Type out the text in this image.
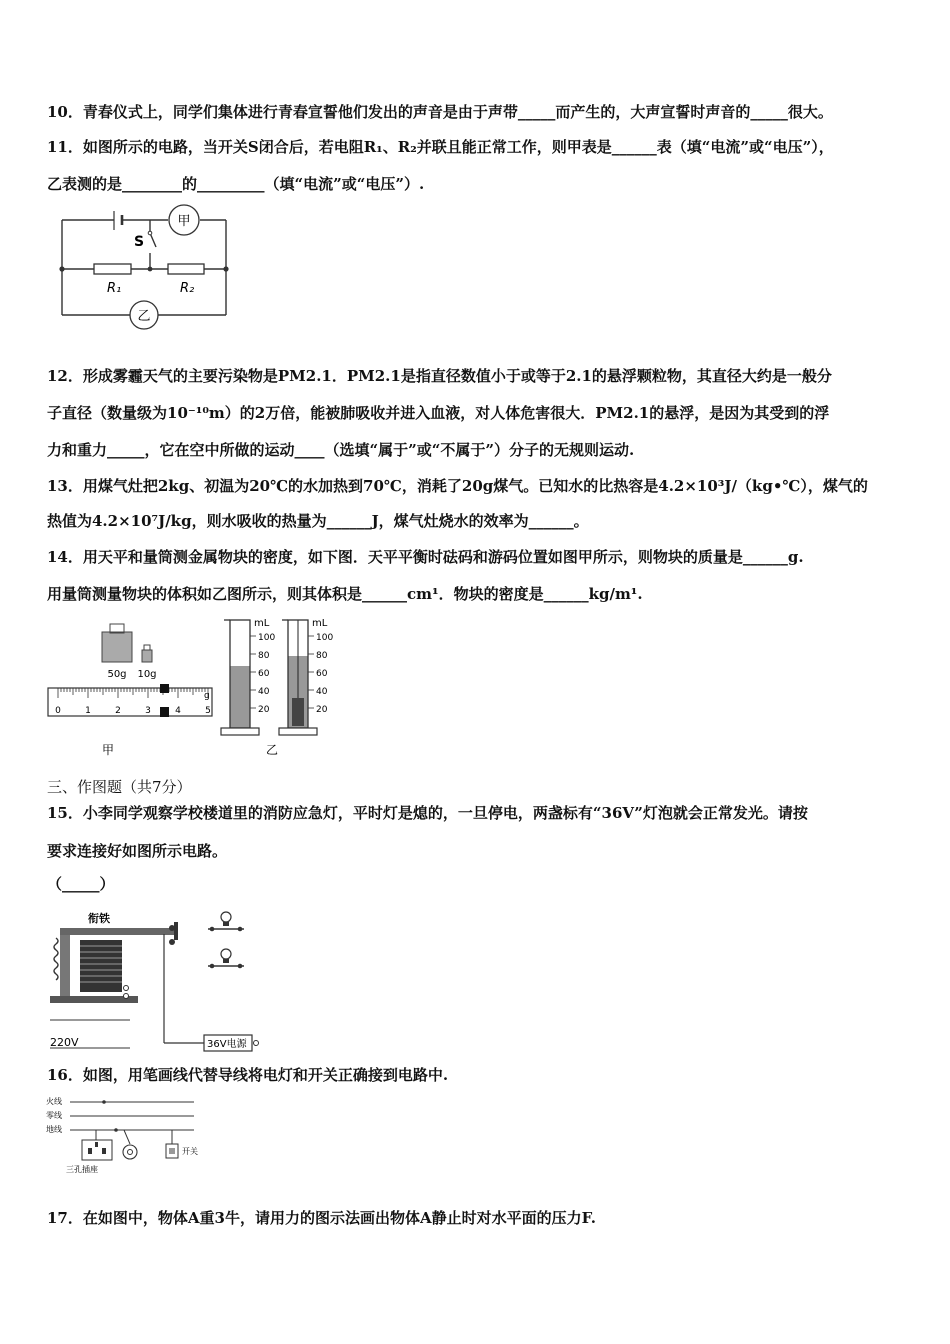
10．青春仪式上，同学们集体进行青春宣誓他们发出的声音是由于声带_____而产生的，大声宣誓时声音的_____很大。
11．如图所示的电路，当开关S闭合后，若电阻R₁、R₂并联且能正常工作，则甲表是______表（填“电流”或“电压”），
乙表测的是________的_________（填“电流”或“电压”）.
甲
乙
S
R₁	R₂
12．形成雾霾天气的主要污染物是PM2.1．PM2.1是指直径数值小于或等于2.1的悬浮颗粒物，其直径大约是一般分
子直径（数量级为10⁻¹⁰m）的2万倍，能被肺吸收并进入血液，对人体危害很大．PM2.1的悬浮，是因为其受到的浮
力和重力_____，它在空中所做的运动____（选填“属于”或“不属于”）分子的无规则运动.
13．用煤气灶把2kg、初温为20℃的水加热到70℃，消耗了20g煤气。已知水的比热容是4.2×10³J/（kg•℃），煤气的
热值为4.2×10⁷J/kg，则水吸收的热量为______J，煤气灶烧水的效率为______。
14．用天平和量筒测金属物块的密度，如下图．天平平衡时砝码和游码位置如图甲所示，则物块的质量是______g.
用量筒测量物块的体积如乙图所示，则其体积是______cm¹．物块的密度是______kg/m¹.
50g 10g
0	1	2	3	4	5
g
甲
mL
100
80
60
40
20
mL
100
80
60
40
20
乙
三、作图题（共7分）
15．小李同学观察学校楼道里的消防应急灯，平时灯是熄的，一旦停电，两盏标有“36V”灯泡就会正常发光。请按
要求连接好如图所示电路。
（_____）
衔铁
36V电源
220V
16．如图，用笔画线代替导线将电灯和开关正确接到电路中.
火线
零线
地线
开关
三孔插座
17．在如图中，物体A重3牛，请用力的图示法画出物体A静止时对水平面的压力F.
